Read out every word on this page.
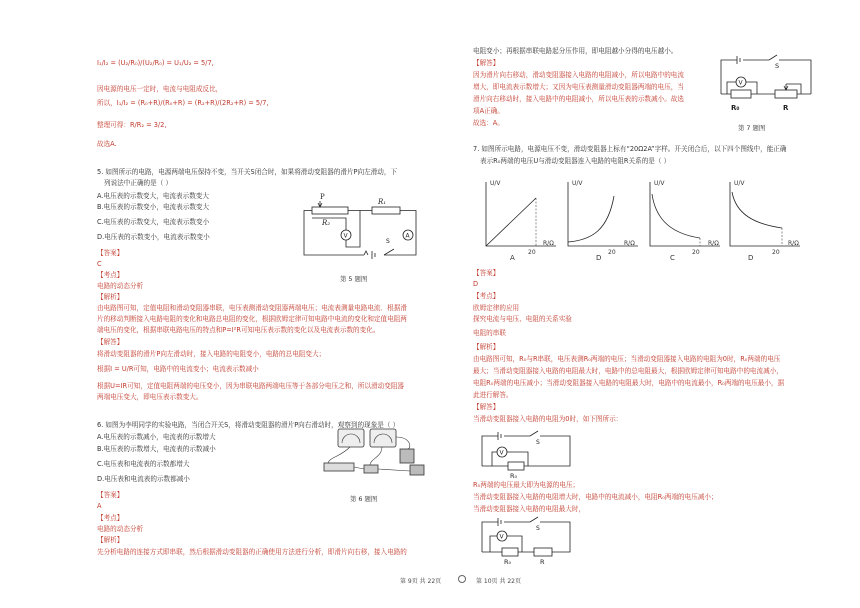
I₁/I₂ = (U₂/R₀)/(U₂/R₀) = U₁/U₂ = 5/7,
因电源的电压一定时，电流与电阻成反比，
所以，I₁/I₂ = (R₀+R)/(R₀+R) = (R₂+R)/(2R₂+R) = 5/7,
整理可得：R/R₂ = 3/2,
故选A.
5. 如图所示的电路，电源两端电压保持不变，当开关S闭合时，如果将滑动变阻器的滑片P向左滑动，下
列说法中正确的是（ ）
A.电压表的示数变大，电流表示数变大
B.电压表的示数变小，电流表示数变大
C.电压表的示数变大，电流表示数变小
D.电压表的示数变小，电流表示数变小
【答案】
C
【考点】
电路的动态分析
【解析】
由电路图可知，定值电阻和滑动变阻器串联，电压表测滑动变阻器两端电压；电流表测量电路电流．根据滑
片的移动判断接入电路电阻的变化和电路总电阻的变化，根据欧姆定律可知电路中电流的变化和定值电阻两
端电压的变化，根据串联电路电压的特点和P=I²R可知电压表示数的变化以及电流表示数的变化。
【解答】
将滑动变阻器的滑片P向左滑动时，接入电路的电阻变小，电路的总电阻变大；
根据I = U/R可知，电路中的电流变小；电流表示数减小
根据U=IR可知，定值电阻两端的电压变小，因为串联电路两端电压等于各部分电压之和，所以滑动变阻器
两端电压变大，即电压表示数变大。
P
R₁
R₂
V	A
S
第 5 题图
6. 如图为李明同学的实验电路，当闭合开关S，将滑动变阻器的滑片P向右滑动时，观察到的现象是（ ）
A.电压表的示数减小，电流表的示数增大
B.电压表的示数增大，电流表的示数减小
C.电压表和电流表的示数都增大
D.电压表和电流表的示数都减小
【答案】
A
【考点】
电路的动态分析
【解析】
先分析电路的连接方式即串联，然后根据滑动变阻器的正确使用方法进行分析，即滑片向右移，接入电路的
第 6 题图
电阻变小；再根据串联电路起分压作用，即电阻越小分得的电压越小。
【解答】
因为滑片向右移动，滑动变阻器接入电路的电阻减小，所以电路中的电流
增大，即电流表示数增大；又因为电压表测量滑动变阻器两端的电压，当
滑片向右移动时，接入电路中的电阻减小，所以电压表的示数减小。故选
项A正确。
故选：A。
S
V
R₀	R
第 7 题图
7. 如图所示电路，电源电压不变，滑动变阻器上标有“20Ω2A”字样。开关闭合后，以下四个图线中，能正确
表示R₀两端的电压U与滑动变阻器连入电路的电阻R关系的是（ ）
U/V
20
R/Ω
A
U/V
20
R/Ω
D
U/V
20
R/Ω
C
U/V
20
R/Ω
D
【答案】
D
【考点】
欧姆定律的应用
探究电流与电压、电阻的关系实验
电阻的串联
【解析】
由电路图可知，R₀与R串联，电压表测R₀两端的电压；当滑动变阻器接入电路的电阻为0时，R₀两端的电压
最大；当滑动变阻器接入电路的电阻最大时，电路中的总电阻最大，根据欧姆定律可知电路中的电流减小，
电阻R₀两端的电压减小；当滑动变阻器接入电路的电阻最大时，电路中的电流最小，R₀两端的电压最小，据
此进行解答。
【解答】
当滑动变阻器接入电路的电阻为0时，如下图所示：
S
V
R₀
R₀两端的电压最大即为电源的电压；
当滑动变阻器接入电路的电阻增大时，电路中的电流减小，电阻R₀两端的电压减小；
当滑动变阻器接入电路的电阻最大时，
S
V
R₀	R
第 9页 共 22页	第 10页 共 22页
